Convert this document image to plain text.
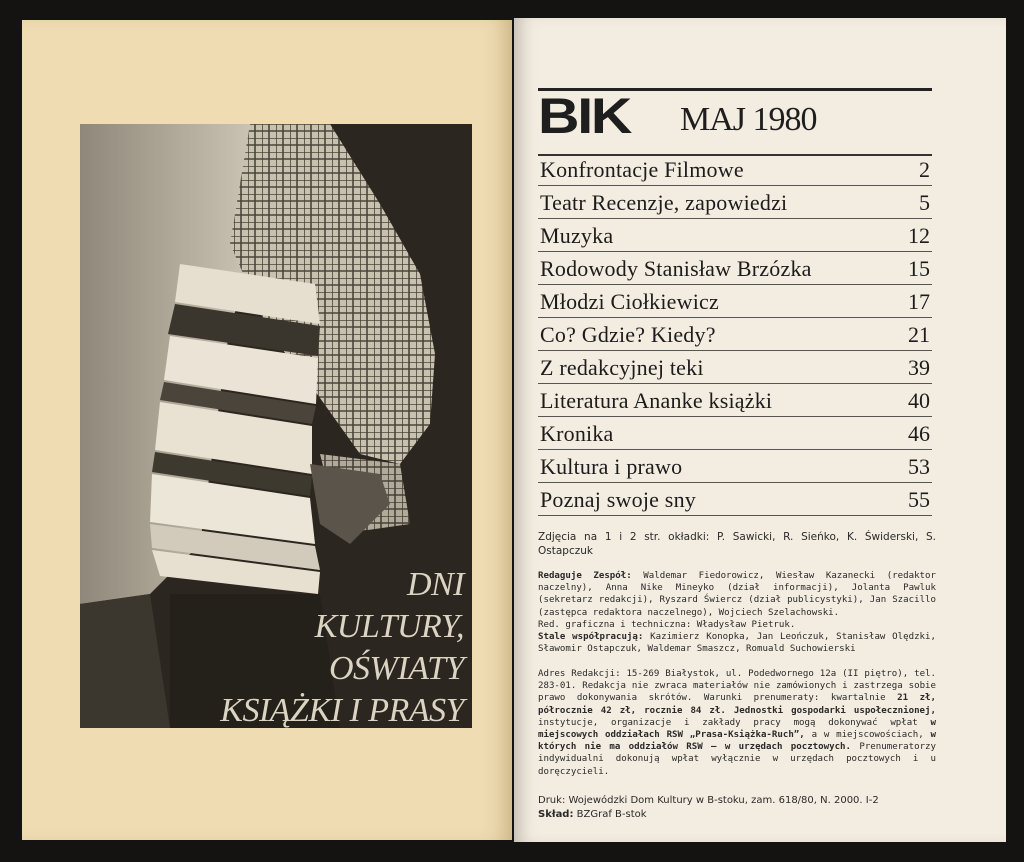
DNI
KULTURY,
OŚWIATY
KSIĄŻKI I PRASY
BIK MAJ 1980
Konfrontacje Filmowe	2
Teatr Recenzje, zapowiedzi	5
Muzyka	12
Rodowody Stanisław Brzózka	15
Młodzi Ciołkiewicz	17
Co? Gdzie? Kiedy?	21
Z redakcyjnej teki	39
Literatura Ananke książki	40
Kronika	46
Kultura i prawo	53
Poznaj swoje sny	55
Zdjęcia na 1 i 2 str. okładki: P. Sawicki, R. Sieńko, K. Świderski, S. Ostapczuk
Redaguje Zespół: Waldemar Fiedorowicz, Wiesław Kazanecki (redaktor naczelny), Anna Nike Mineyko (dział informacji), Jolanta Pawluk (sekretarz redakcji), Ryszard Świercz (dział publicystyki), Jan Szacillo (zastępca redaktora naczelnego), Wojciech Szelachowski.
Red. graficzna i techniczna: Władysław Pietruk.
Stale współpracują: Kazimierz Konopka, Jan Leończuk, Stanisław Olędzki, Sławomir Ostapczuk, Waldemar Smaszcz, Romuald Suchowierski
Adres Redakcji: 15-269 Białystok, ul. Podedwornego 12a (II piętro), tel. 283-01. Redakcja nie zwraca materiałów nie zamówionych i zastrzega sobie prawo dokonywania skrótów. Warunki prenumeraty: kwartalnie 21 zł, półrocznie 42 zł, rocznie 84 zł. Jednostki gospodarki uspołecznionej, instytucje, organizacje i zakłady pracy mogą dokonywać wpłat w miejscowych oddziałach RSW „Prasa-Książka-Ruch”, a w miejscowościach, w których nie ma oddziałów RSW — w urzędach pocztowych. Prenumeratorzy indywidualni dokonują wpłat wyłącznie w urzędach pocztowych i u doręczycieli.
Druk: Wojewódzki Dom Kultury w B-stoku, zam. 618/80, N. 2000. I-2
Skład: BZGraf B-stok
